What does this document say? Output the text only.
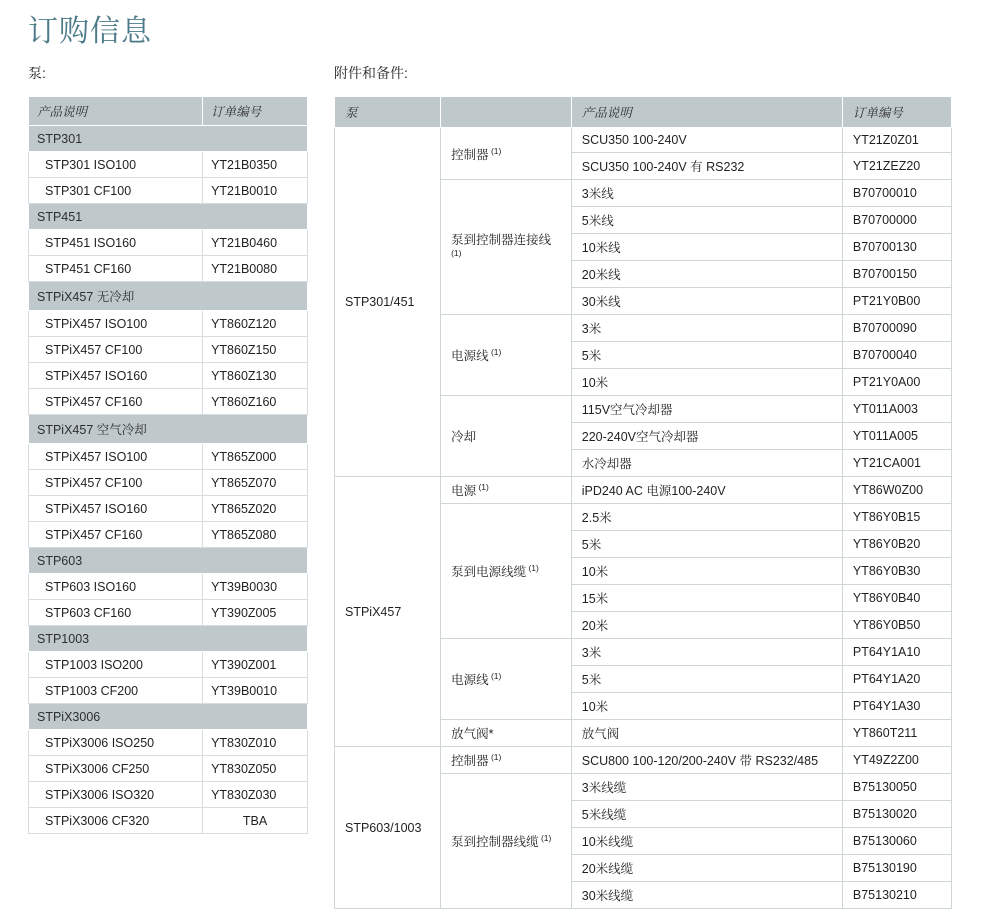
订购信息
泵:	附件和备件:
产品说明	订单编号
STP301	
STP301 ISO100	YT21B0350
STP301 CF100	YT21B0010
STP451	
STP451 ISO160	YT21B0460
STP451 CF160	YT21B0080
STPiX457 无冷却	
STPiX457 ISO100	YT860Z120
STPiX457 CF100	YT860Z150
STPiX457 ISO160	YT860Z130
STPiX457 CF160	YT860Z160
STPiX457 空气冷却	
STPiX457 ISO100	YT865Z000
STPiX457 CF100	YT865Z070
STPiX457 ISO160	YT865Z020
STPiX457 CF160	YT865Z080
STP603	
STP603 ISO160	YT39B0030
STP603 CF160	YT390Z005
STP1003	
STP1003 ISO200	YT390Z001
STP1003 CF200	YT39B0010
STPiX3006	
STPiX3006 ISO250	YT830Z010
STPiX3006 CF250	YT830Z050
STPiX3006 ISO320	YT830Z030
STPiX3006 CF320	TBA
泵		产品说明	订单编号
STP301/451	控制器 $^{(1)}$	SCU350 100-240V	YT21Z0Z01
		SCU350 100-240V 有 RS232	YT21ZEZ20
	泵到控制器连接线 $^{(1)}$	3米线	B70700010
		5米线	B70700000
		10米线	B70700130
		20米线	B70700150
		30米线	PT21Y0B00
	电源线 $^{(1)}$	3米	B70700090
		5米	B70700040
		10米	PT21Y0A00
	冷却	115V空气冷却器	YT011A003
		220-240V空气冷却器	YT011A005
		水冷却器	YT21CA001
STPiX457	电源 $^{(1)}$	iPD240 AC 电源100-240V	YT86W0Z00
	泵到电源线缆 $^{(1)}$	2.5米	YT86Y0B15
		5米	YT86Y0B20
		10米	YT86Y0B30
		15米	YT86Y0B40
		20米	YT86Y0B50
	电源线 $^{(1)}$	3米	PT64Y1A10
		5米	PT64Y1A20
		10米	PT64Y1A30
	放气阀*	放气阀	YT860T211
STP603/1003	控制器 $^{(1)}$	SCU800 100-120/200-240V 带 RS232/485	YT49Z2Z00
	泵到控制器线缆 $^{(1)}$	3米线缆	B75130050
		5米线缆	B75130020
		10米线缆	B75130060
		20米线缆	B75130190
		30米线缆	B75130210
